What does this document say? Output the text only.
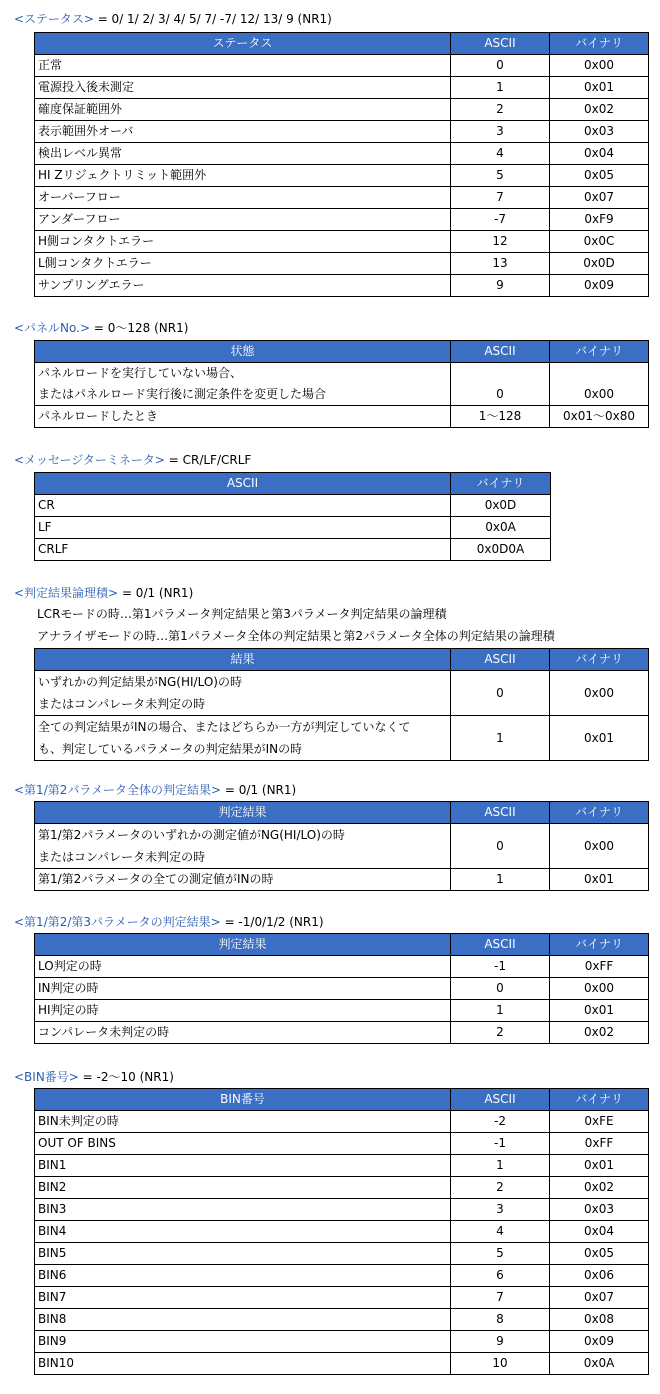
<ステータス> = 0/ 1/ 2/ 3/ 4/ 5/ 7/ -7/ 12/ 13/ 9 (NR1)
ステータス	ASCII	バイナリ
正常	0	0x00
電源投入後未測定	1	0x01
確度保証範囲外	2	0x02
表示範囲外オーバ	3	0x03
検出レベル異常	4	0x04
HI Zリジェクトリミット範囲外	5	0x05
オーバーフロー	7	0x07
アンダーフロー	-7	0xF9
H側コンタクトエラー	12	0x0C
L側コンタクトエラー	13	0x0D
サンプリングエラー	9	0x09
<パネルNo.> = 0～128 (NR1)
状態	ASCII	バイナリ

パネルロードを実行していない場合、
またはパネルロード実行後に測定条件を変更した場合	0	0x00
パネルロードしたとき	1～128	0x01～0x80
<メッセージターミネータ> = CR/LF/CRLF
ASCII	バイナリ
CR	0x0D
LF	0x0A
CRLF	0x0D0A
<判定結果論理積> = 0/1 (NR1)
LCRモードの時…第1パラメータ判定結果と第3パラメータ判定結果の論理積
アナライザモードの時…第1パラメータ全体の判定結果と第2パラメータ全体の判定結果の論理積
結果	ASCII	バイナリ

いずれかの判定結果がNG(HI/LO)の時
またはコンパレータ未判定の時	0	0x00

全ての判定結果がINの場合、またはどちらか一方が判定していなくて
も、判定しているパラメータの判定結果がINの時	1	0x01
<第1/第2パラメータ全体の判定結果> = 0/1 (NR1)
判定結果	ASCII	バイナリ

第1/第2パラメータのいずれかの測定値がNG(HI/LO)の時
またはコンパレータ未判定の時	0	0x00
第1/第2パラメータの全ての測定値がINの時	1	0x01
<第1/第2/第3パラメータの判定結果> = -1/0/1/2 (NR1)
判定結果	ASCII	バイナリ
LO判定の時	-1	0xFF
IN判定の時	0	0x00
HI判定の時	1	0x01
コンパレータ未判定の時	2	0x02
<BIN番号> = -2～10 (NR1)
BIN番号	ASCII	バイナリ
BIN未判定の時	-2	0xFE
OUT OF BINS	-1	0xFF
BIN1	1	0x01
BIN2	2	0x02
BIN3	3	0x03
BIN4	4	0x04
BIN5	5	0x05
BIN6	6	0x06
BIN7	7	0x07
BIN8	8	0x08
BIN9	9	0x09
BIN10	10	0x0A
